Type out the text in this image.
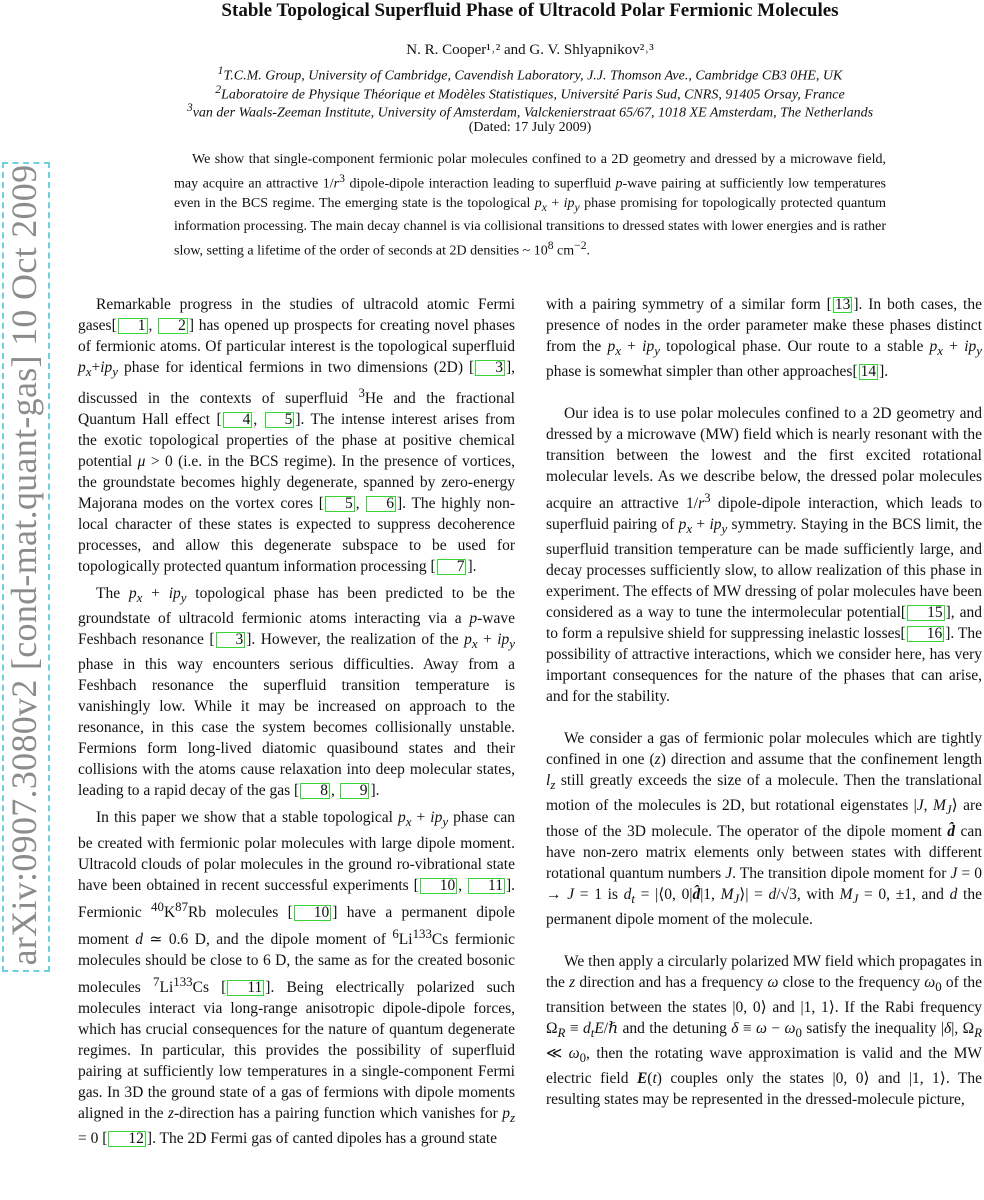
arXiv:0907.3080v2 [cond-mat.quant-gas] 10 Oct 2009
Stable Topological Superfluid Phase of Ultracold Polar Fermionic Molecules
N. R. Cooper¹˒² and G. V. Shlyapnikov²˒³
$^1$T.C.M. Group, University of Cambridge, Cavendish Laboratory, J.J. Thomson Ave., Cambridge CB3 0HE, UK
$^2$Laboratoire de Physique Théorique et Modèles Statistiques, Université Paris Sud, CNRS, 91405 Orsay, France
$^3$van der Waals-Zeeman Institute, University of Amsterdam, Valckenierstraat 65/67, 1018 XE Amsterdam, The Netherlands
(Dated: 17 July 2009)
We show that single-component fermionic polar molecules confined to a 2D geometry and dressed by a microwave field, may acquire an attractive $1/r^3$ dipole-dipole interaction leading to superfluid p-wave pairing at sufficiently low temperatures even in the BCS regime. The emerging state is the topological $p_x + ip_y$ phase promising for topologically protected quantum information processing. The main decay channel is via collisional transitions to dressed states with lower energies and is rather slow, setting a lifetime of the order of seconds at 2D densities ~ $10^8$ $cm^{-2}$.

Remarkable progress in the studies of ultracold atomic Fermi gases[ 1 , 2 ] has opened up prospects for creating novel phases of fermionic atoms. Of particular interest is the topological superfluid $p_x+ip_y$ phase for identical fermions in two dimensions (2D) [ 3 ], discussed in the contexts of superfluid $^3$He and the fractional Quantum Hall effect [ 4 , 5 ]. The intense interest arises from the exotic topological properties of the phase at positive chemical potential μ > 0 (i.e. in the BCS regime). In the presence of vortices, the groundstate becomes highly degenerate, spanned by zero-energy Majorana modes on the vortex cores [ 5 , 6 ]. The highly non-local character of these states is expected to suppress decoherence processes, and allow this degenerate subspace to be used for topologically protected quantum information processing [ 7 ].

The $p_x + ip_y$ topological phase has been predicted to be the groundstate of ultracold fermionic atoms interacting via a p-wave Feshbach resonance [ 3 ]. However, the realization of the $p_x + ip_y$ phase in this way encounters serious difficulties. Away from a Feshbach resonance the superfluid transition temperature is vanishingly low. While it may be increased on approach to the resonance, in this case the system becomes collisionally unstable. Fermions form long-lived diatomic quasibound states and their collisions with the atoms cause relaxation into deep molecular states, leading to a rapid decay of the gas [ 8 , 9 ].

In this paper we show that a stable topological $p_x + ip_y$ phase can be created with fermionic polar molecules with large dipole moment. Ultracold clouds of polar molecules in the ground ro-vibrational state have been obtained in recent successful experiments [ 10 , 11 ]. Fermionic $^{40}K^{87}Rb$ molecules [ 10 ] have a permanent dipole moment d ≃ 0.6 D, and the dipole moment of $^6$Li$^{133}$Cs fermionic molecules should be close to 6 D, the same as for the created bosonic molecules $^7$Li$^{133}$Cs [ 11 ]. Being electrically polarized such molecules interact via long-range anisotropic dipole-dipole forces, which has crucial consequences for the nature of quantum degenerate regimes. In particular, this provides the possibility of superfluid pairing at sufficiently low temperatures in a single-component Fermi gas. In 3D the ground state of a gas of fermions with dipole moments aligned in the z-direction has a pairing function which vanishes for $p_z = 0$ [ 12 ]. The 2D Fermi gas of canted dipoles has a ground state

with a pairing symmetry of a similar form [ 13 ]. In both cases, the presence of nodes in the order parameter make these phases distinct from the $p_x + ip_y$ topological phase. Our route to a stable $p_x + ip_y$ phase is somewhat simpler than other approaches[ 14 ].

Our idea is to use polar molecules confined to a 2D geometry and dressed by a microwave (MW) field which is nearly resonant with the transition between the lowest and the first excited rotational molecular levels. As we describe below, the dressed polar molecules acquire an attractive $1/r^3$ dipole-dipole interaction, which leads to superfluid pairing of $p_x + ip_y$ symmetry. Staying in the BCS limit, the superfluid transition temperature can be made sufficiently large, and decay processes sufficiently slow, to allow realization of this phase in experiment. The effects of MW dressing of polar molecules have been considered as a way to tune the intermolecular potential[ 15 ], and to form a repulsive shield for suppressing inelastic losses[ 16 ]. The possibility of attractive interactions, which we consider here, has very important consequences for the nature of the phases that can arise, and for the stability.

We consider a gas of fermionic polar molecules which are tightly confined in one (z) direction and assume that the confinement length $l_z$ still greatly exceeds the size of a molecule. Then the translational motion of the molecules is 2D, but rotational eigenstates |J, $M_J⟩$ are those of the 3D molecule. The operator of the dipole moment d̂ can have non-zero matrix elements only between states with different rotational quantum numbers J. The transition dipole moment for J = 0 → J = 1 is $d_t$ = |⟨0, 0|d̂|1, $M_J⟩| = d/√3$, with $M_J = 0$, ±1, and d the permanent dipole moment of the molecule.

We then apply a circularly polarized MW field which propagates in the z direction and has a frequency ω close to the frequency $\omega_0$ of the transition between the states |0, 0⟩ and |1, 1⟩. If the Rabi frequency $\Omega_R$ ≡ $d_tE/\hbar$ and the detuning $\delta \equiv \omega - \omega_0$ satisfy the inequality |δ|, $\Omega_R$ ≪ $\omega_0$, then the rotating wave approximation is valid and the MW electric field E(t) couples only the states |0, 0⟩ and |1, 1⟩. The resulting states may be represented in the dressed-molecule picture,
